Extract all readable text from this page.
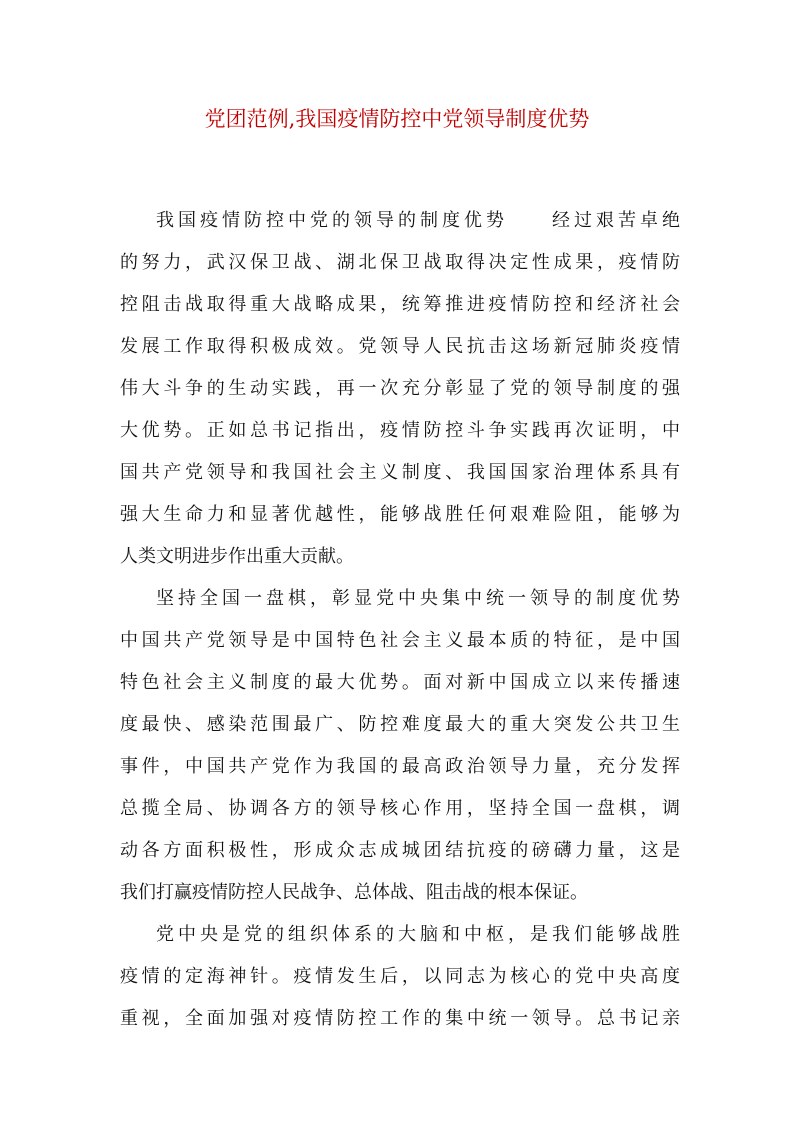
党团范例,我国疫情防控中党领导制度优势
我国疫情防控中党的领导的制度优势　　经过艰苦卓绝
的努力，武汉保卫战、湖北保卫战取得决定性成果，疫情防
控阻击战取得重大战略成果，统筹推进疫情防控和经济社会
发展工作取得积极成效。党领导人民抗击这场新冠肺炎疫情
伟大斗争的生动实践，再一次充分彰显了党的领导制度的强
大优势。正如总书记指出，疫情防控斗争实践再次证明，中
国共产党领导和我国社会主义制度、我国国家治理体系具有
强大生命力和显著优越性，能够战胜任何艰难险阻，能够为
人类文明进步作出重大贡献。
坚持全国一盘棋，彰显党中央集中统一领导的制度优势
中国共产党领导是中国特色社会主义最本质的特征，是中国
特色社会主义制度的最大优势。面对新中国成立以来传播速
度最快、感染范围最广、防控难度最大的重大突发公共卫生
事件，中国共产党作为我国的最高政治领导力量，充分发挥
总揽全局、协调各方的领导核心作用，坚持全国一盘棋，调
动各方面积极性，形成众志成城团结抗疫的磅礴力量，这是
我们打赢疫情防控人民战争、总体战、阻击战的根本保证。
党中央是党的组织体系的大脑和中枢，是我们能够战胜
疫情的定海神针。疫情发生后，以同志为核心的党中央高度
重视，全面加强对疫情防控工作的集中统一领导。总书记亲
